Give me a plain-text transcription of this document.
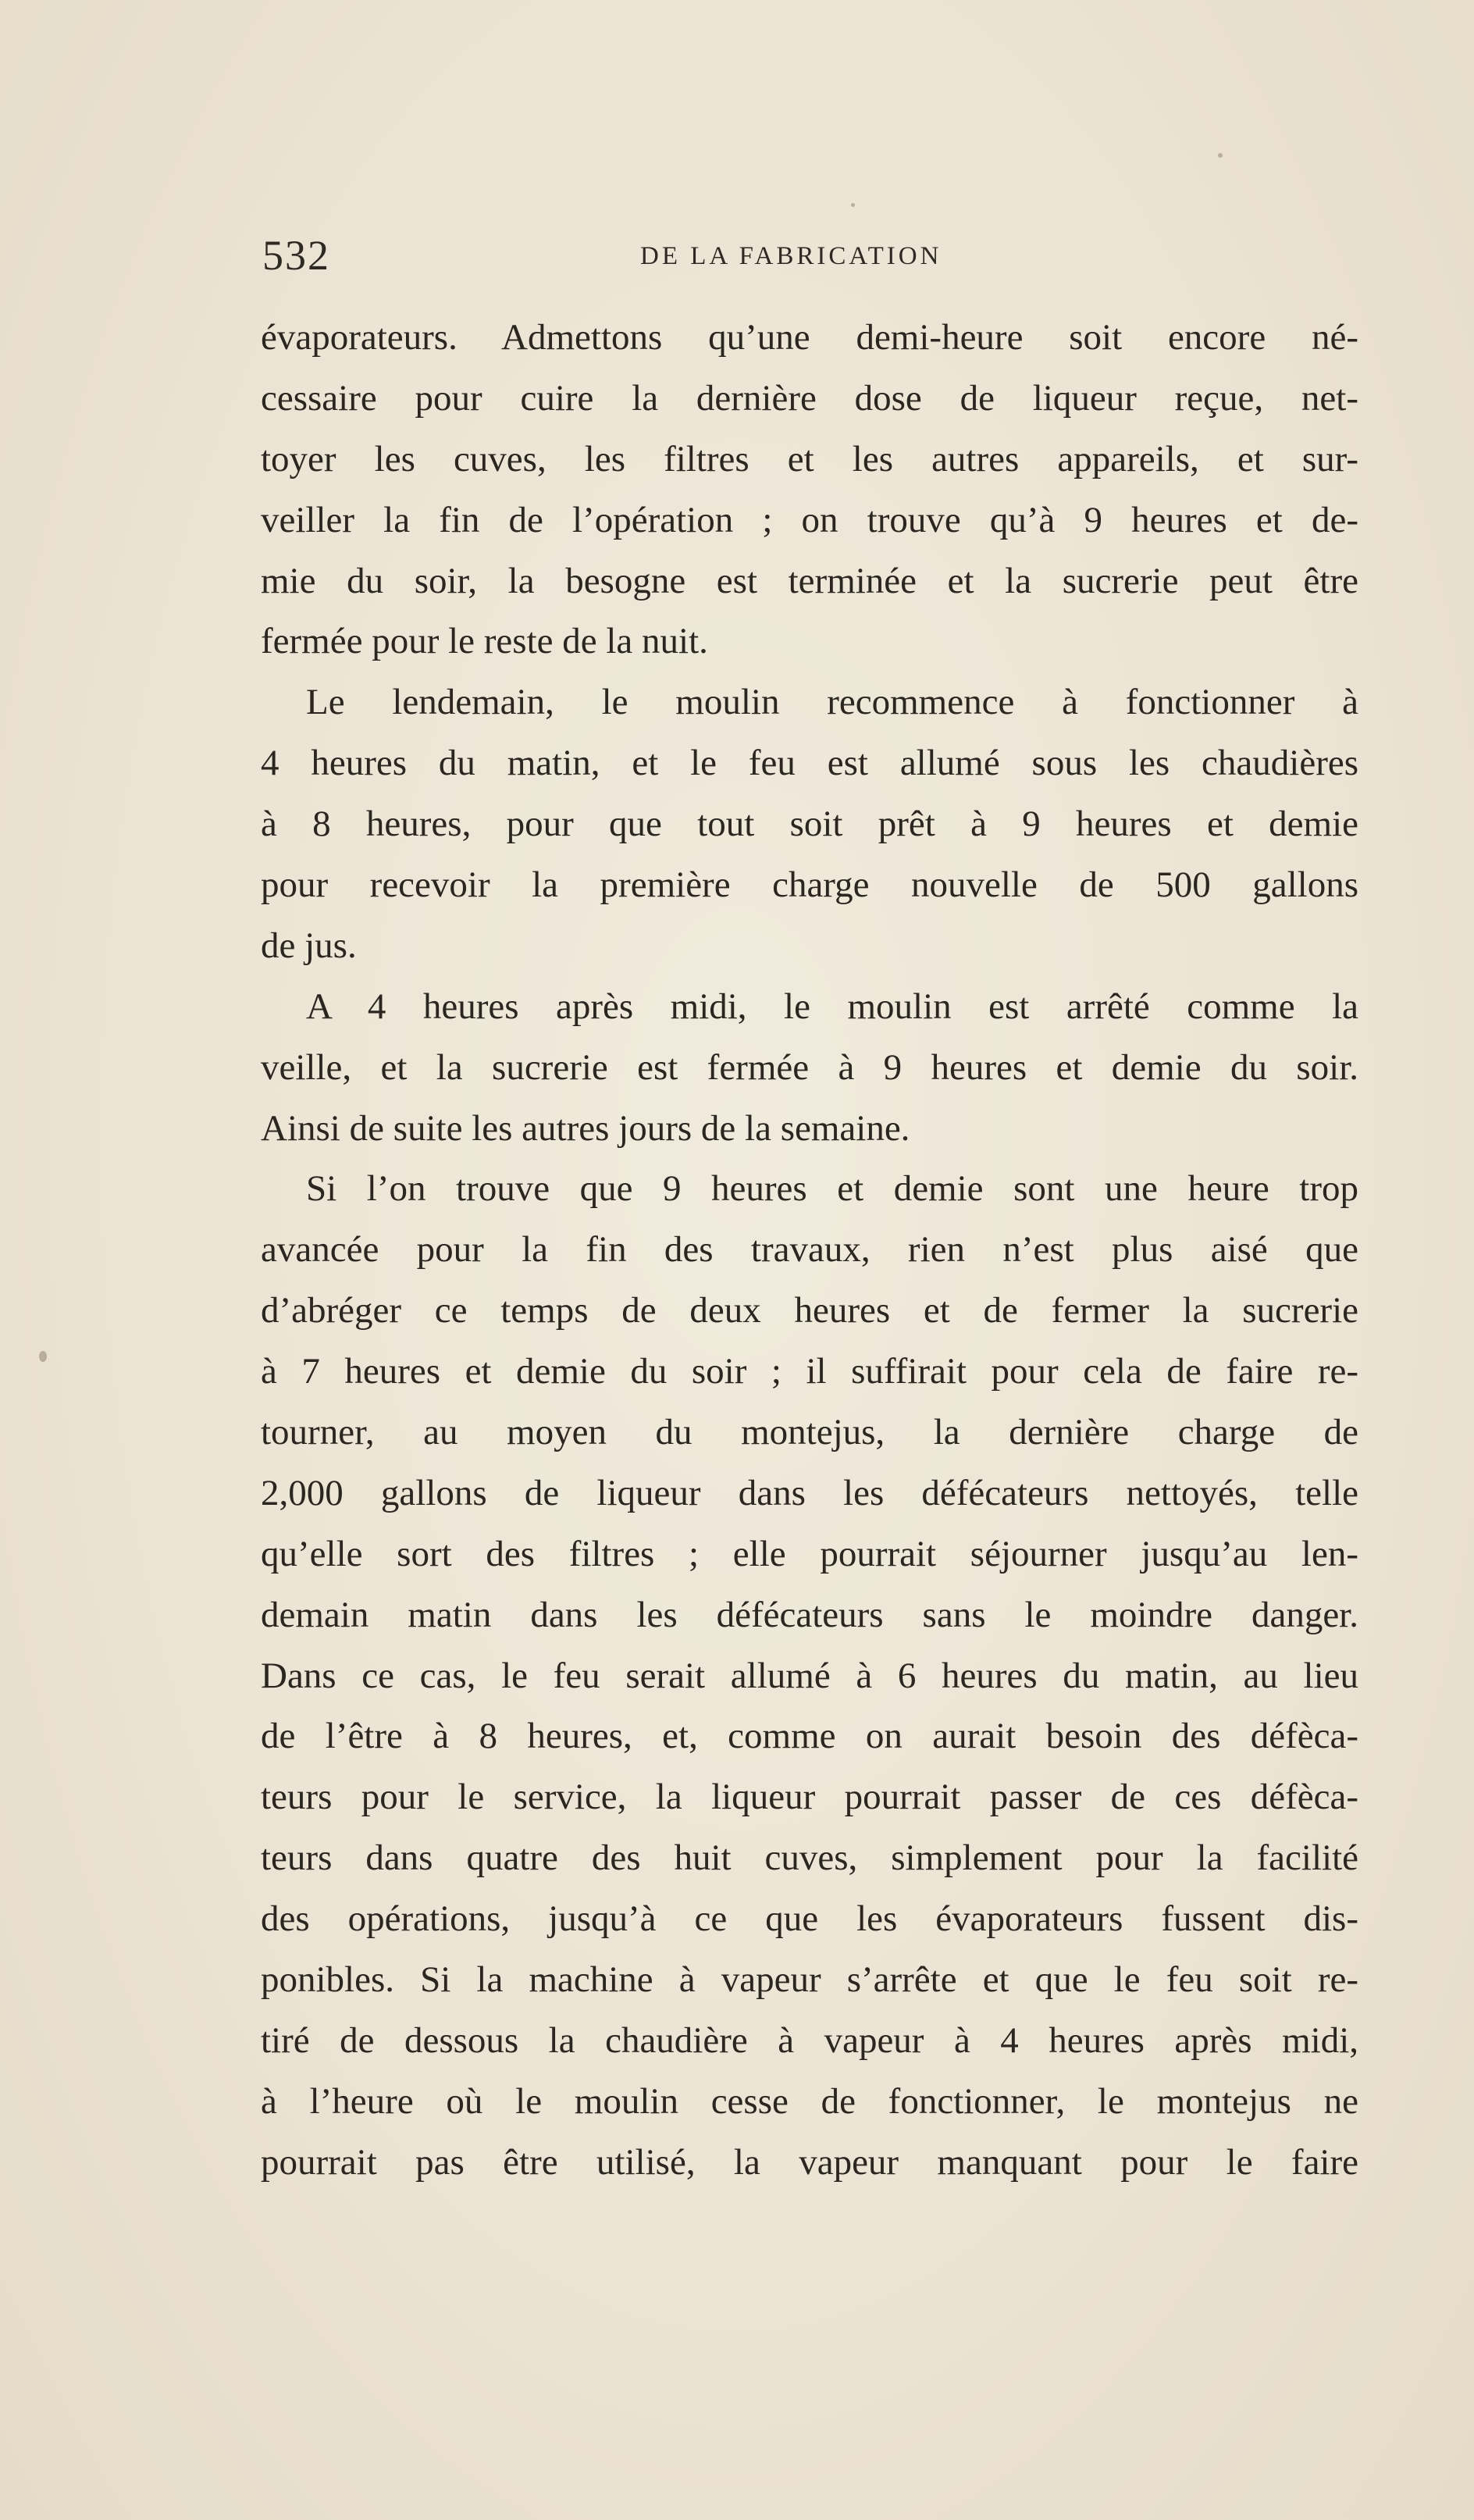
532	DE LA FABRICATION
évaporateurs. Admettons qu’une demi-heure soit encore né-
cessaire pour cuire la dernière dose de liqueur reçue, net-
toyer les cuves, les filtres et les autres appareils, et sur-
veiller la fin de l’opération ; on trouve qu’à 9 heures et de-
mie du soir, la besogne est terminée et la sucrerie peut être
fermée pour le reste de la nuit.
Le lendemain, le moulin recommence à fonctionner à
4 heures du matin, et le feu est allumé sous les chaudières
à 8 heures, pour que tout soit prêt à 9 heures et demie
pour recevoir la première charge nouvelle de 500 gallons
de jus.
A 4 heures après midi, le moulin est arrêté comme la
veille, et la sucrerie est fermée à 9 heures et demie du soir.
Ainsi de suite les autres jours de la semaine.
Si l’on trouve que 9 heures et demie sont une heure trop
avancée pour la fin des travaux, rien n’est plus aisé que
d’abréger ce temps de deux heures et de fermer la sucrerie
à 7 heures et demie du soir ; il suffirait pour cela de faire re-
tourner, au moyen du montejus, la dernière charge de
2,000 gallons de liqueur dans les défécateurs nettoyés, telle
qu’elle sort des filtres ; elle pourrait séjourner jusqu’au len-
demain matin dans les défécateurs sans le moindre danger.
Dans ce cas, le feu serait allumé à 6 heures du matin, au lieu
de l’être à 8 heures, et, comme on aurait besoin des défèca-
teurs pour le service, la liqueur pourrait passer de ces défèca-
teurs dans quatre des huit cuves, simplement pour la facilité
des opérations, jusqu’à ce que les évaporateurs fussent dis-
ponibles. Si la machine à vapeur s’arrête et que le feu soit re-
tiré de dessous la chaudière à vapeur à 4 heures après midi,
à l’heure où le moulin cesse de fonctionner, le montejus ne
pourrait pas être utilisé, la vapeur manquant pour le faire
